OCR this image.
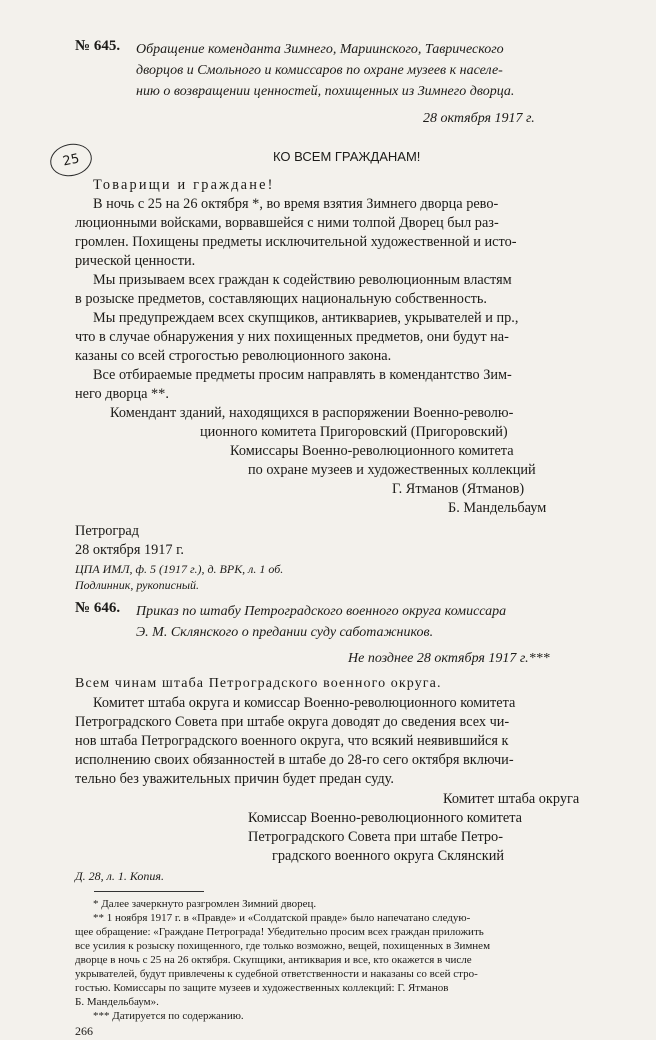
№ 645. Обращение коменданта Зимнего, Мариинского, Таврического
дворцов и Смольного и комиссаров по охране музеев к населе-
нию о возвращении ценностей, похищенных из Зимнего дворца.
28 октября 1917 г.
25	КО ВСЕМ ГРАЖДАНАМ!
Товарищи и граждане!
В ночь с 25 на 26 октября *, во время взятия Зимнего дворца рево-
люционными войсками, ворвавшейся с ними толпой Дворец был раз-
громлен. Похищены предметы исключительной художественной и исто-
рической ценности.
Мы призываем всех граждан к содействию революционным властям
в розыске предметов, составляющих национальную собственность.
Мы предупреждаем всех скупщиков, антиквариев, укрывателей и пр.,
что в случае обнаружения у них похищенных предметов, они будут на-
казаны со всей строгостью революционного закона.
Все отбираемые предметы просим направлять в комендантство Зим-
него дворца **.
Комендант зданий, находящихся в распоряжении Военно-револю-
ционного комитета Пригоровский (Пригоровский)
Комиссары Военно-революционного комитета
по охране музеев и художественных коллекций
Г. Ятманов (Ятманов)
Б. Мандельбаум
Петроград
28 октября 1917 г.
ЦПА ИМЛ, ф. 5 (1917 г.), д. ВРК, л. 1 об.
Подлинник, рукописный.
№ 646. Приказ по штабу Петроградского военного округа комиссара
Э. М. Склянского о предании суду саботажников.
Не позднее 28 октября 1917 г.***
Всем чинам штаба Петроградского военного округа.
Комитет штаба округа и комиссар Военно-революционного комитета
Петроградского Совета при штабе округа доводят до сведения всех чи-
нов штаба Петроградского военного округа, что всякий неявившийся к
исполнению своих обязанностей в штабе до 28-го сего октября включи-
тельно без уважительных причин будет предан суду.
Комитет штаба округа
Комиссар Военно-революционного комитета
Петроградского Совета при штабе Петро-
градского военного округа Склянский
Д. 28, л. 1. Копия.
* Далее зачеркнуто разгромлен Зимний дворец.
** 1 ноября 1917 г. в «Правде» и «Солдатской правде» было напечатано следую-
щее обращение: «Граждане Петрограда! Убедительно просим всех граждан приложить
все усилия к розыску похищенного, где только возможно, вещей, похищенных в Зимнем
дворце в ночь с 25 на 26 октября. Скупщики, антиквария и все, кто окажется в числе
укрывателей, будут привлечены к судебной ответственности и наказаны со всей стро-
гостью. Комиссары по защите музеев и художественных коллекций: Г. Ятманов
Б. Мандельбаум».
*** Датируется по содержанию.
266
